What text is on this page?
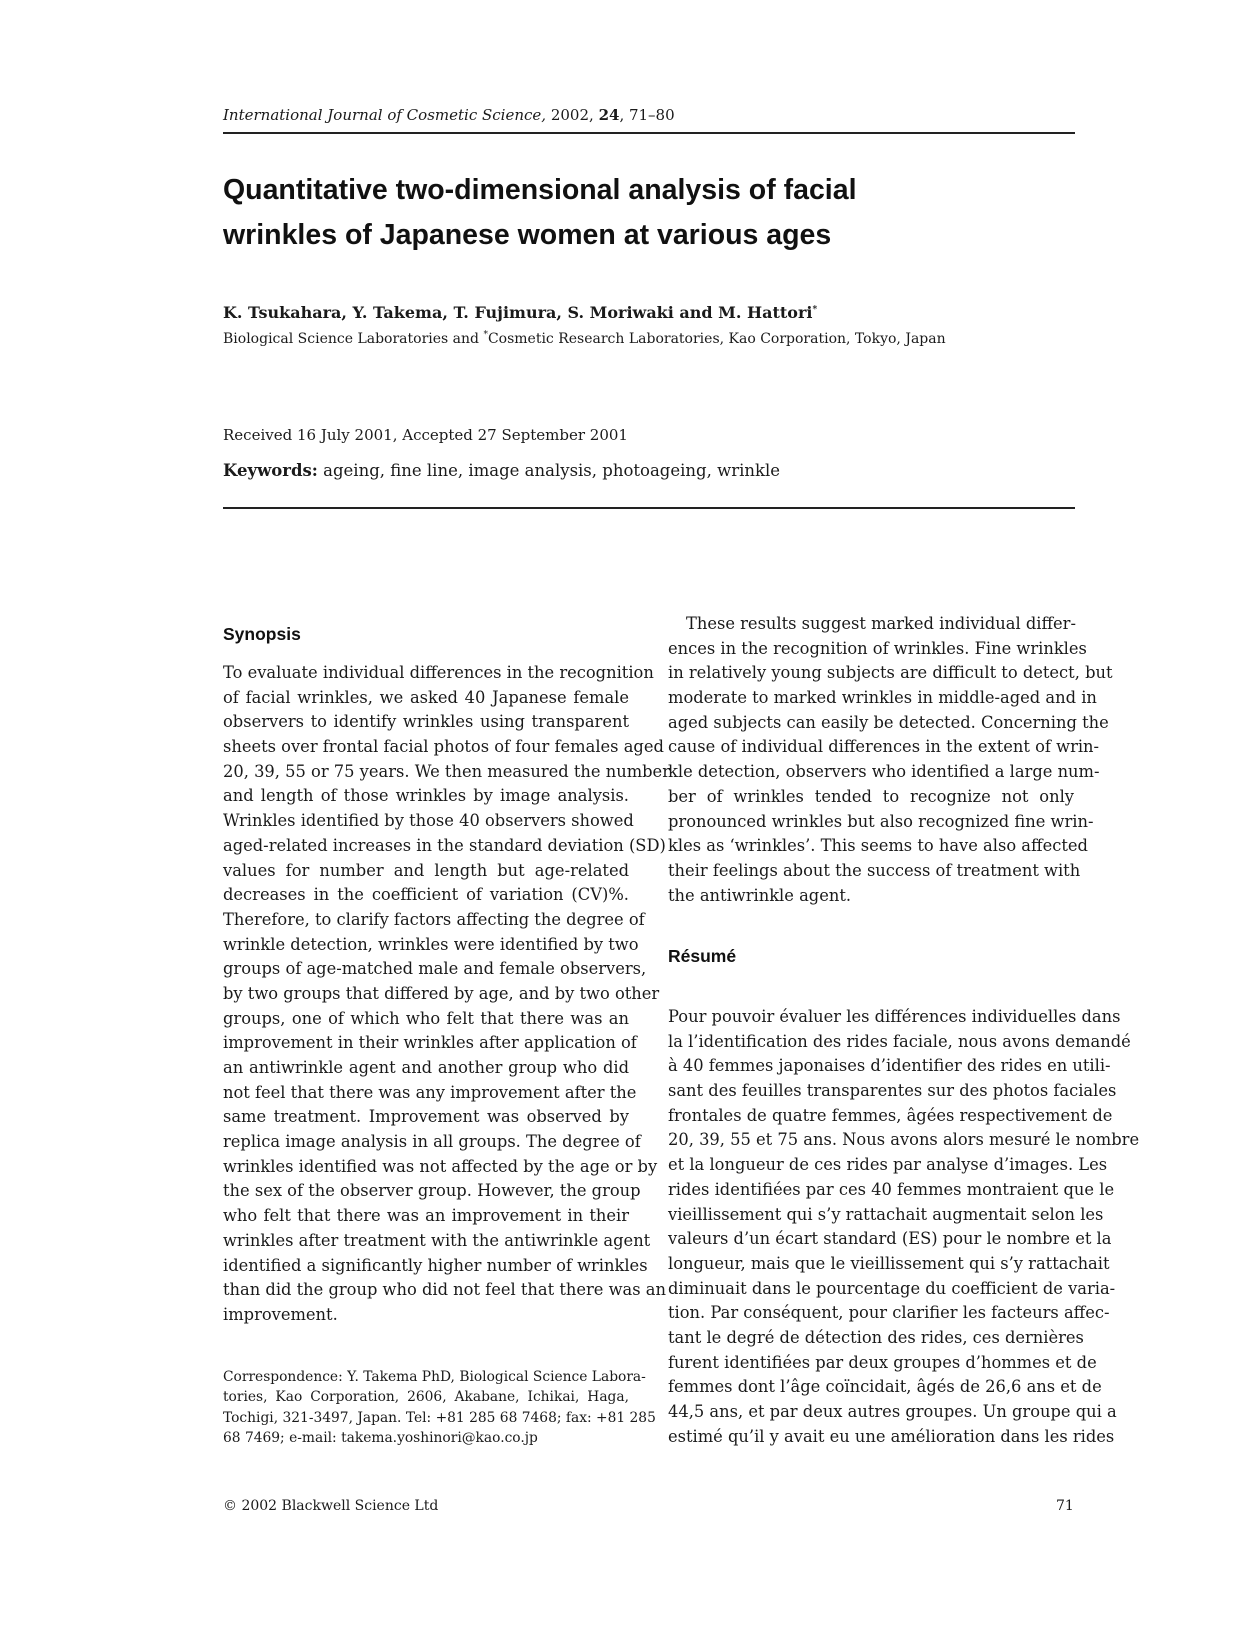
International Journal of Cosmetic Science, 2002, 24, 71–80
Quantitative two-dimensional analysis of facial
wrinkles of Japanese women at various ages
K. Tsukahara, Y. Takema, T. Fujimura, S. Moriwaki and M. Hattori*
Biological Science Laboratories and *Cosmetic Research Laboratories, Kao Corporation, Tokyo, Japan
Received 16 July 2001, Accepted 27 September 2001
Keywords: ageing, fine line, image analysis, photoageing, wrinkle
Synopsis
To evaluate individual differences in the recognition
of facial wrinkles, we asked 40 Japanese female
observers to identify wrinkles using transparent
sheets over frontal facial photos of four females aged
20, 39, 55 or 75 years. We then measured the number
and length of those wrinkles by image analysis.
Wrinkles identified by those 40 observers showed
aged-related increases in the standard deviation (SD)
values for number and length but age-related
decreases in the coefficient of variation (CV)%.
Therefore, to clarify factors affecting the degree of
wrinkle detection, wrinkles were identified by two
groups of age-matched male and female observers,
by two groups that differed by age, and by two other
groups, one of which who felt that there was an
improvement in their wrinkles after application of
an antiwrinkle agent and another group who did
not feel that there was any improvement after the
same treatment. Improvement was observed by
replica image analysis in all groups. The degree of
wrinkles identified was not affected by the age or by
the sex of the observer group. However, the group
who felt that there was an improvement in their
wrinkles after treatment with the antiwrinkle agent
identified a significantly higher number of wrinkles
than did the group who did not feel that there was an
improvement.
Correspondence: Y. Takema PhD, Biological Science Labora-
tories, Kao Corporation, 2606, Akabane, Ichikai, Haga,
Tochigi, 321-3497, Japan. Tel: +81 285 68 7468; fax: +81 285
68 7469; e-mail: takema.yoshinori@kao.co.jp
These results suggest marked individual differ-
ences in the recognition of wrinkles. Fine wrinkles
in relatively young subjects are difficult to detect, but
moderate to marked wrinkles in middle-aged and in
aged subjects can easily be detected. Concerning the
cause of individual differences in the extent of wrin-
kle detection, observers who identified a large num-
ber of wrinkles tended to recognize not only
pronounced wrinkles but also recognized fine wrin-
kles as ‘wrinkles’. This seems to have also affected
their feelings about the success of treatment with
the antiwrinkle agent.
Résumé
Pour pouvoir évaluer les différences individuelles dans
la l’identification des rides faciale, nous avons demandé
à 40 femmes japonaises d’identifier des rides en utili-
sant des feuilles transparentes sur des photos faciales
frontales de quatre femmes, âgées respectivement de
20, 39, 55 et 75 ans. Nous avons alors mesuré le nombre
et la longueur de ces rides par analyse d’images. Les
rides identifiées par ces 40 femmes montraient que le
vieillissement qui s’y rattachait augmentait selon les
valeurs d’un écart standard (ES) pour le nombre et la
longueur, mais que le vieillissement qui s’y rattachait
diminuait dans le pourcentage du coefficient de varia-
tion. Par conséquent, pour clarifier les facteurs affec-
tant le degré de détection des rides, ces dernières
furent identifiées par deux groupes d’hommes et de
femmes dont l’âge coïncidait, âgés de 26,6 ans et de
44,5 ans, et par deux autres groupes. Un groupe qui a
estimé qu’il y avait eu une amélioration dans les rides
© 2002 Blackwell Science Ltd	71
